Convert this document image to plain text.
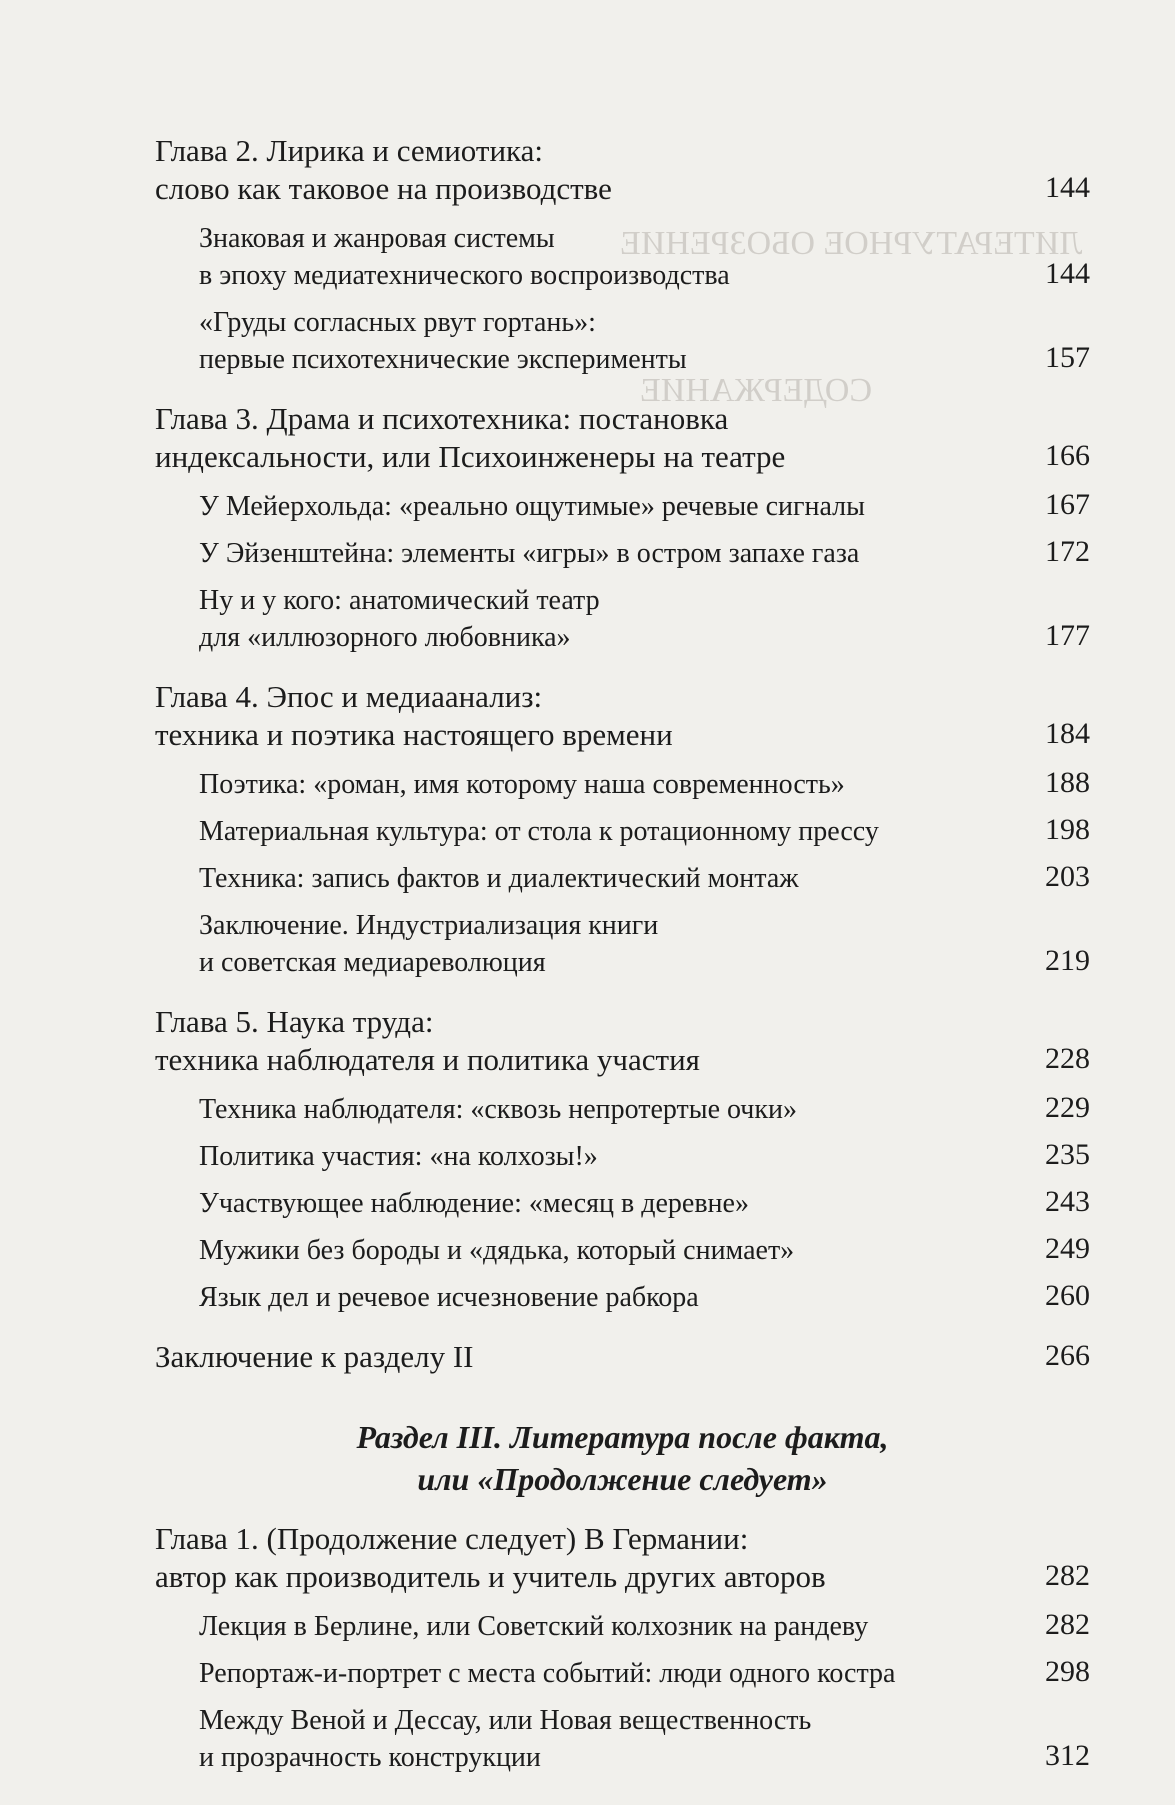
ЛИТЕРАТУРНОЕ ОБОЗРЕНИЕ
СОДЕРЖАНИЕ
Глава 2. Лирика и семиотика:
слово как таковое на производстве	144
Знаковая и жанровая системы
в эпоху медиатехнического воспроизводства	144
«Груды согласных рвут гортань»:
первые психотехнические эксперименты	157
Глава 3. Драма и психотехника: постановка
индексальности, или Психоинженеры на театре	166
У Мейерхольда: «реально ощутимые» речевые сигналы	167
У Эйзенштейна: элементы «игры» в остром запахе газа	172
Ну и у кого: анатомический театр
для «иллюзорного любовника»	177
Глава 4. Эпос и медиаанализ:
техника и поэтика настоящего времени	184
Поэтика: «роман, имя которому наша современность»	188
Материальная культура: от стола к ротационному прессу	198
Техника: запись фактов и диалектический монтаж	203
Заключение. Индустриализация книги
и советская медиареволюция	219
Глава 5. Наука труда:
техника наблюдателя и политика участия	228
Техника наблюдателя: «сквозь непротертые очки»	229
Политика участия: «на колхозы!»	235
Участвующее наблюдение: «месяц в деревне»	243
Мужики без бороды и «дядька, который снимает»	249
Язык дел и речевое исчезновение рабкора	260
Заключение к разделу II	266
Раздел III. Литература после факта,
или «Продолжение следует»
Глава 1. (Продолжение следует) В Германии:
автор как производитель и учитель других авторов	282
Лекция в Берлине, или Советский колхозник на рандеву	282
Репортаж-и-портрет с места событий: люди одного костра	298
Между Веной и Дессау, или Новая вещественность
и прозрачность конструкции	312
